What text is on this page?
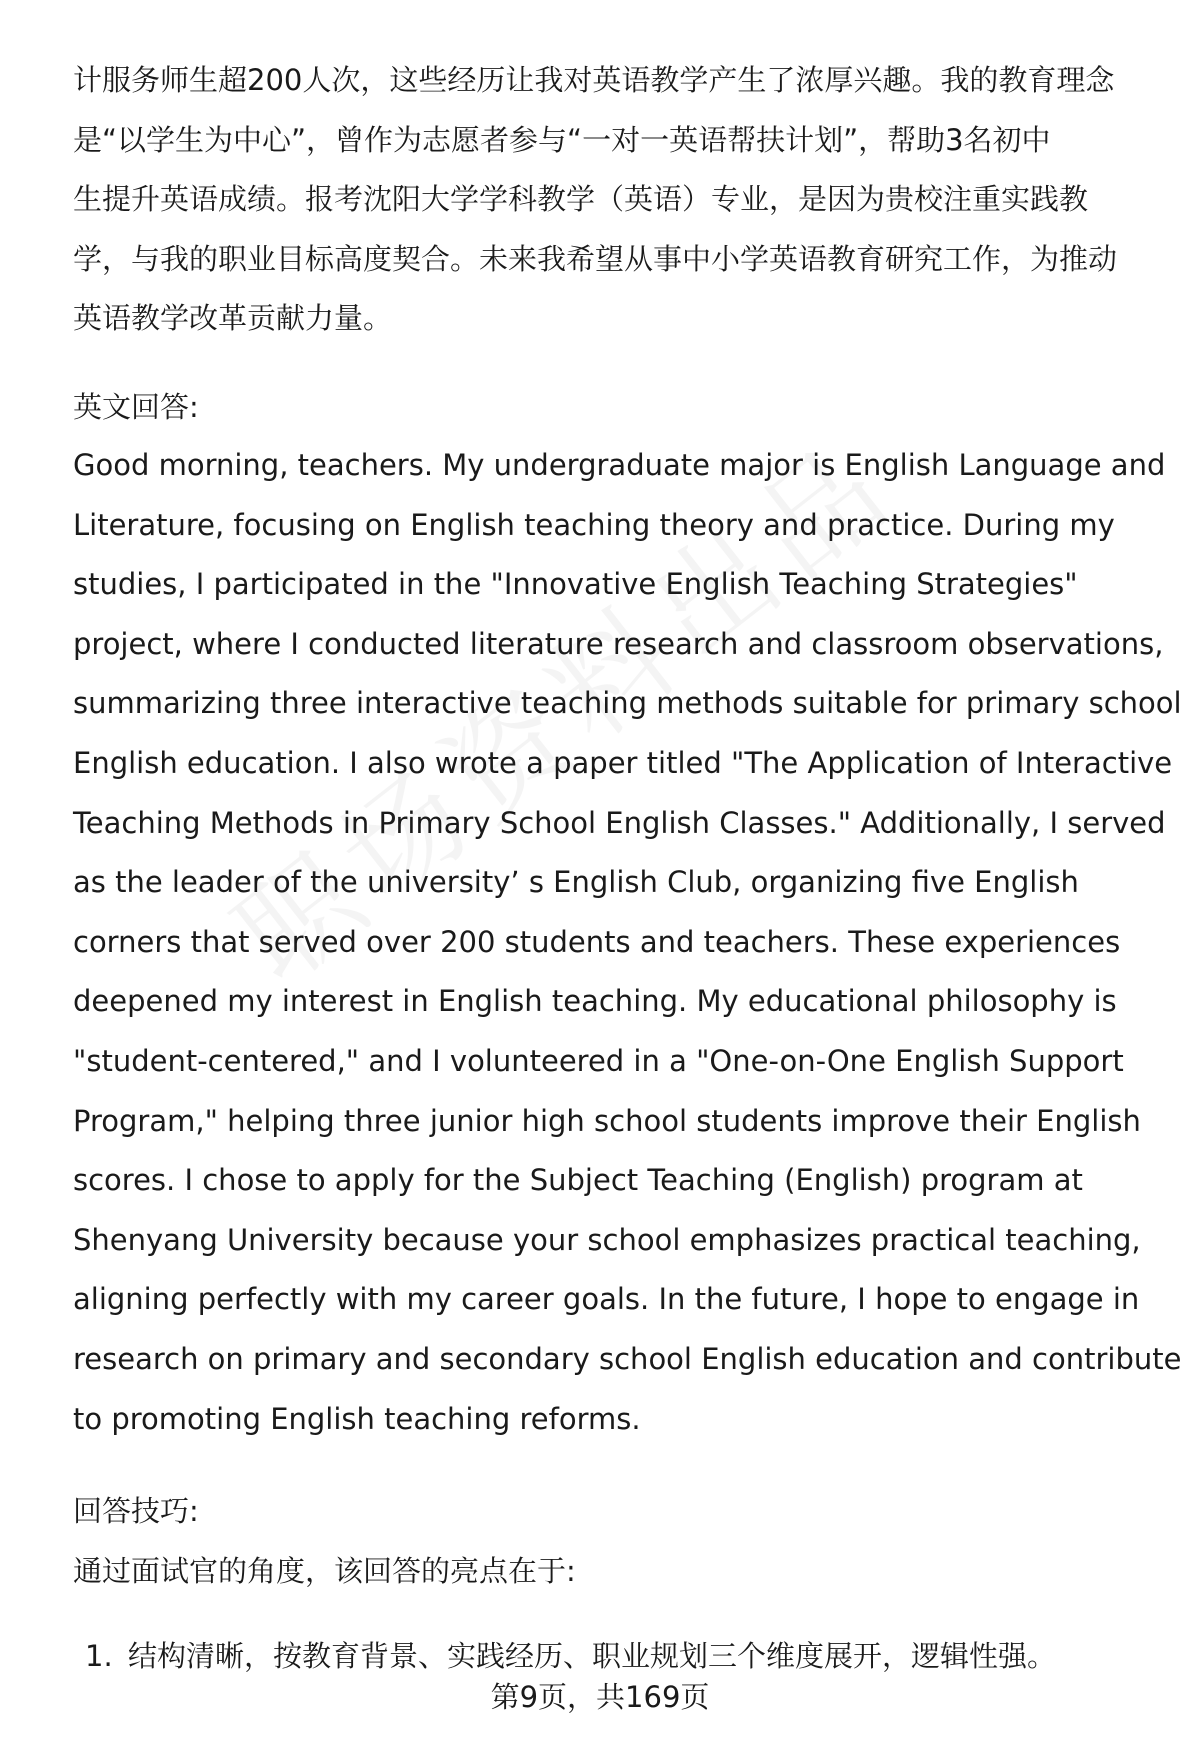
计服务师生超200人次，这些经历让我对英语教学产生了浓厚兴趣。我的教育理念
是“以学生为中心”，曾作为志愿者参与“一对一英语帮扶计划”，帮助3名初中
生提升英语成绩。报考沈阳大学学科教学（英语）专业，是因为贵校注重实践教
学，与我的职业目标高度契合。未来我希望从事中小学英语教育研究工作，为推动
英语教学改革贡献力量。
英文回答:
Good morning, teachers. My undergraduate major is English Language and
Literature, focusing on English teaching theory and practice. During my
studies, I participated in the "Innovative English Teaching Strategies"
project, where I conducted literature research and classroom observations,
summarizing three interactive teaching methods suitable for primary school
English education. I also wrote a paper titled "The Application of Interactive
Teaching Methods in Primary School English Classes." Additionally, I served
as the leader of the university’ s English Club, organizing five English
corners that served over 200 students and teachers. These experiences
deepened my interest in English teaching. My educational philosophy is
"student-centered," and I volunteered in a "One-on-One English Support
Program," helping three junior high school students improve their English
scores. I chose to apply for the Subject Teaching (English) program at
Shenyang University because your school emphasizes practical teaching,
aligning perfectly with my career goals. In the future, I hope to engage in
research on primary and secondary school English education and contribute
to promoting English teaching reforms.
回答技巧:
通过面试官的角度，该回答的亮点在于:
1. 结构清晰，按教育背景、实践经历、职业规划三个维度展开，逻辑性强。
第9页，共169页
